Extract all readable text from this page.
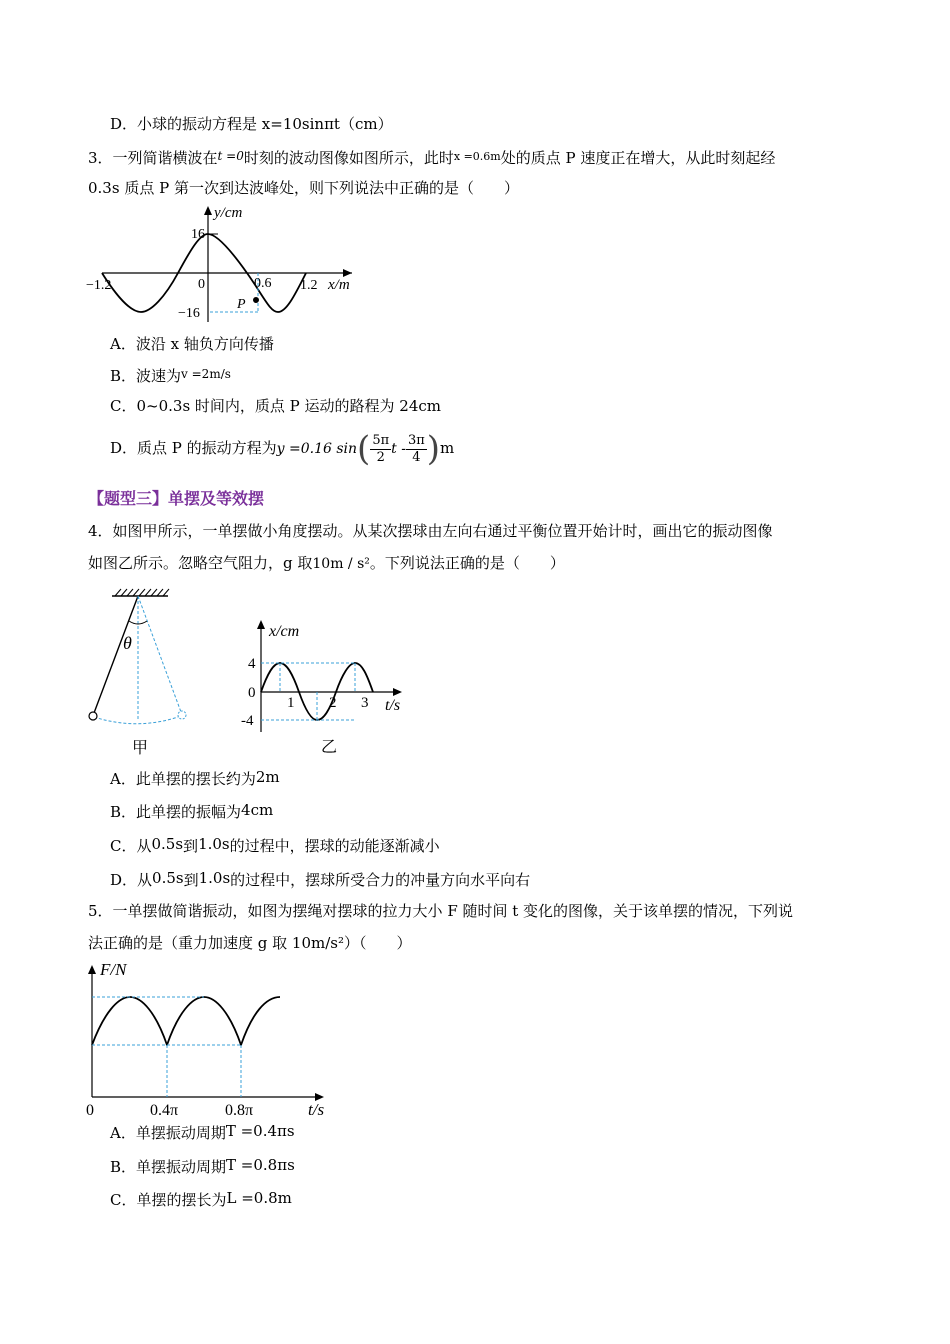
D．小球的振动方程是 x=10sinπt（cm）
3．一列简谐横波在$^{t =0}$时刻的波动图像如图所示，此时$^{x =0.6m}$处的质点 P 速度正在增大，从此时刻起经
0.3s 质点 P 第一次到达波峰处，则下列说法中正确的是（　　）
y/cm
16
−16
−1.2	0	0.6 1.2 x/m
P
A．波沿 x 轴负方向传播
B．波速为$^{v =2m/s}$
C．0~0.3s 时间内，质点 P 运动的路程为 24cm
D．质点 P 的振动方程为y =0.16 $\sin( \frac{5\pi}{2}$ t - $\frac{3\pi}{4} )m$
【题型三】单摆及等效摆
4．如图甲所示，一单摆做小角度摆动。从某次摆球由左向右通过平衡位置开始计时，画出它的振动图像
如图乙所示。忽略空气阻力，g 取10m / s²。下列说法正确的是（　　）
θ
甲
x/cm
4
0
-4
1 2 3 t/s
乙
A．此单摆的摆长约为2m
B．此单摆的振幅为4cm
C．从0.5s到1.0s的过程中，摆球的动能逐渐减小
D．从0.5s到1.0s的过程中，摆球所受合力的冲量方向水平向右
5．一单摆做简谐振动，如图为摆绳对摆球的拉力大小 F 随时间 t 变化的图像，关于该单摆的情况，下列说
法正确的是（重力加速度 g 取 10m/s²）（　　）
F/N
0	0.4π	0.8π	t/s
A．单摆振动周期T =0.4πs
B．单摆振动周期T =0.8πs
C．单摆的摆长为L =0.8m
